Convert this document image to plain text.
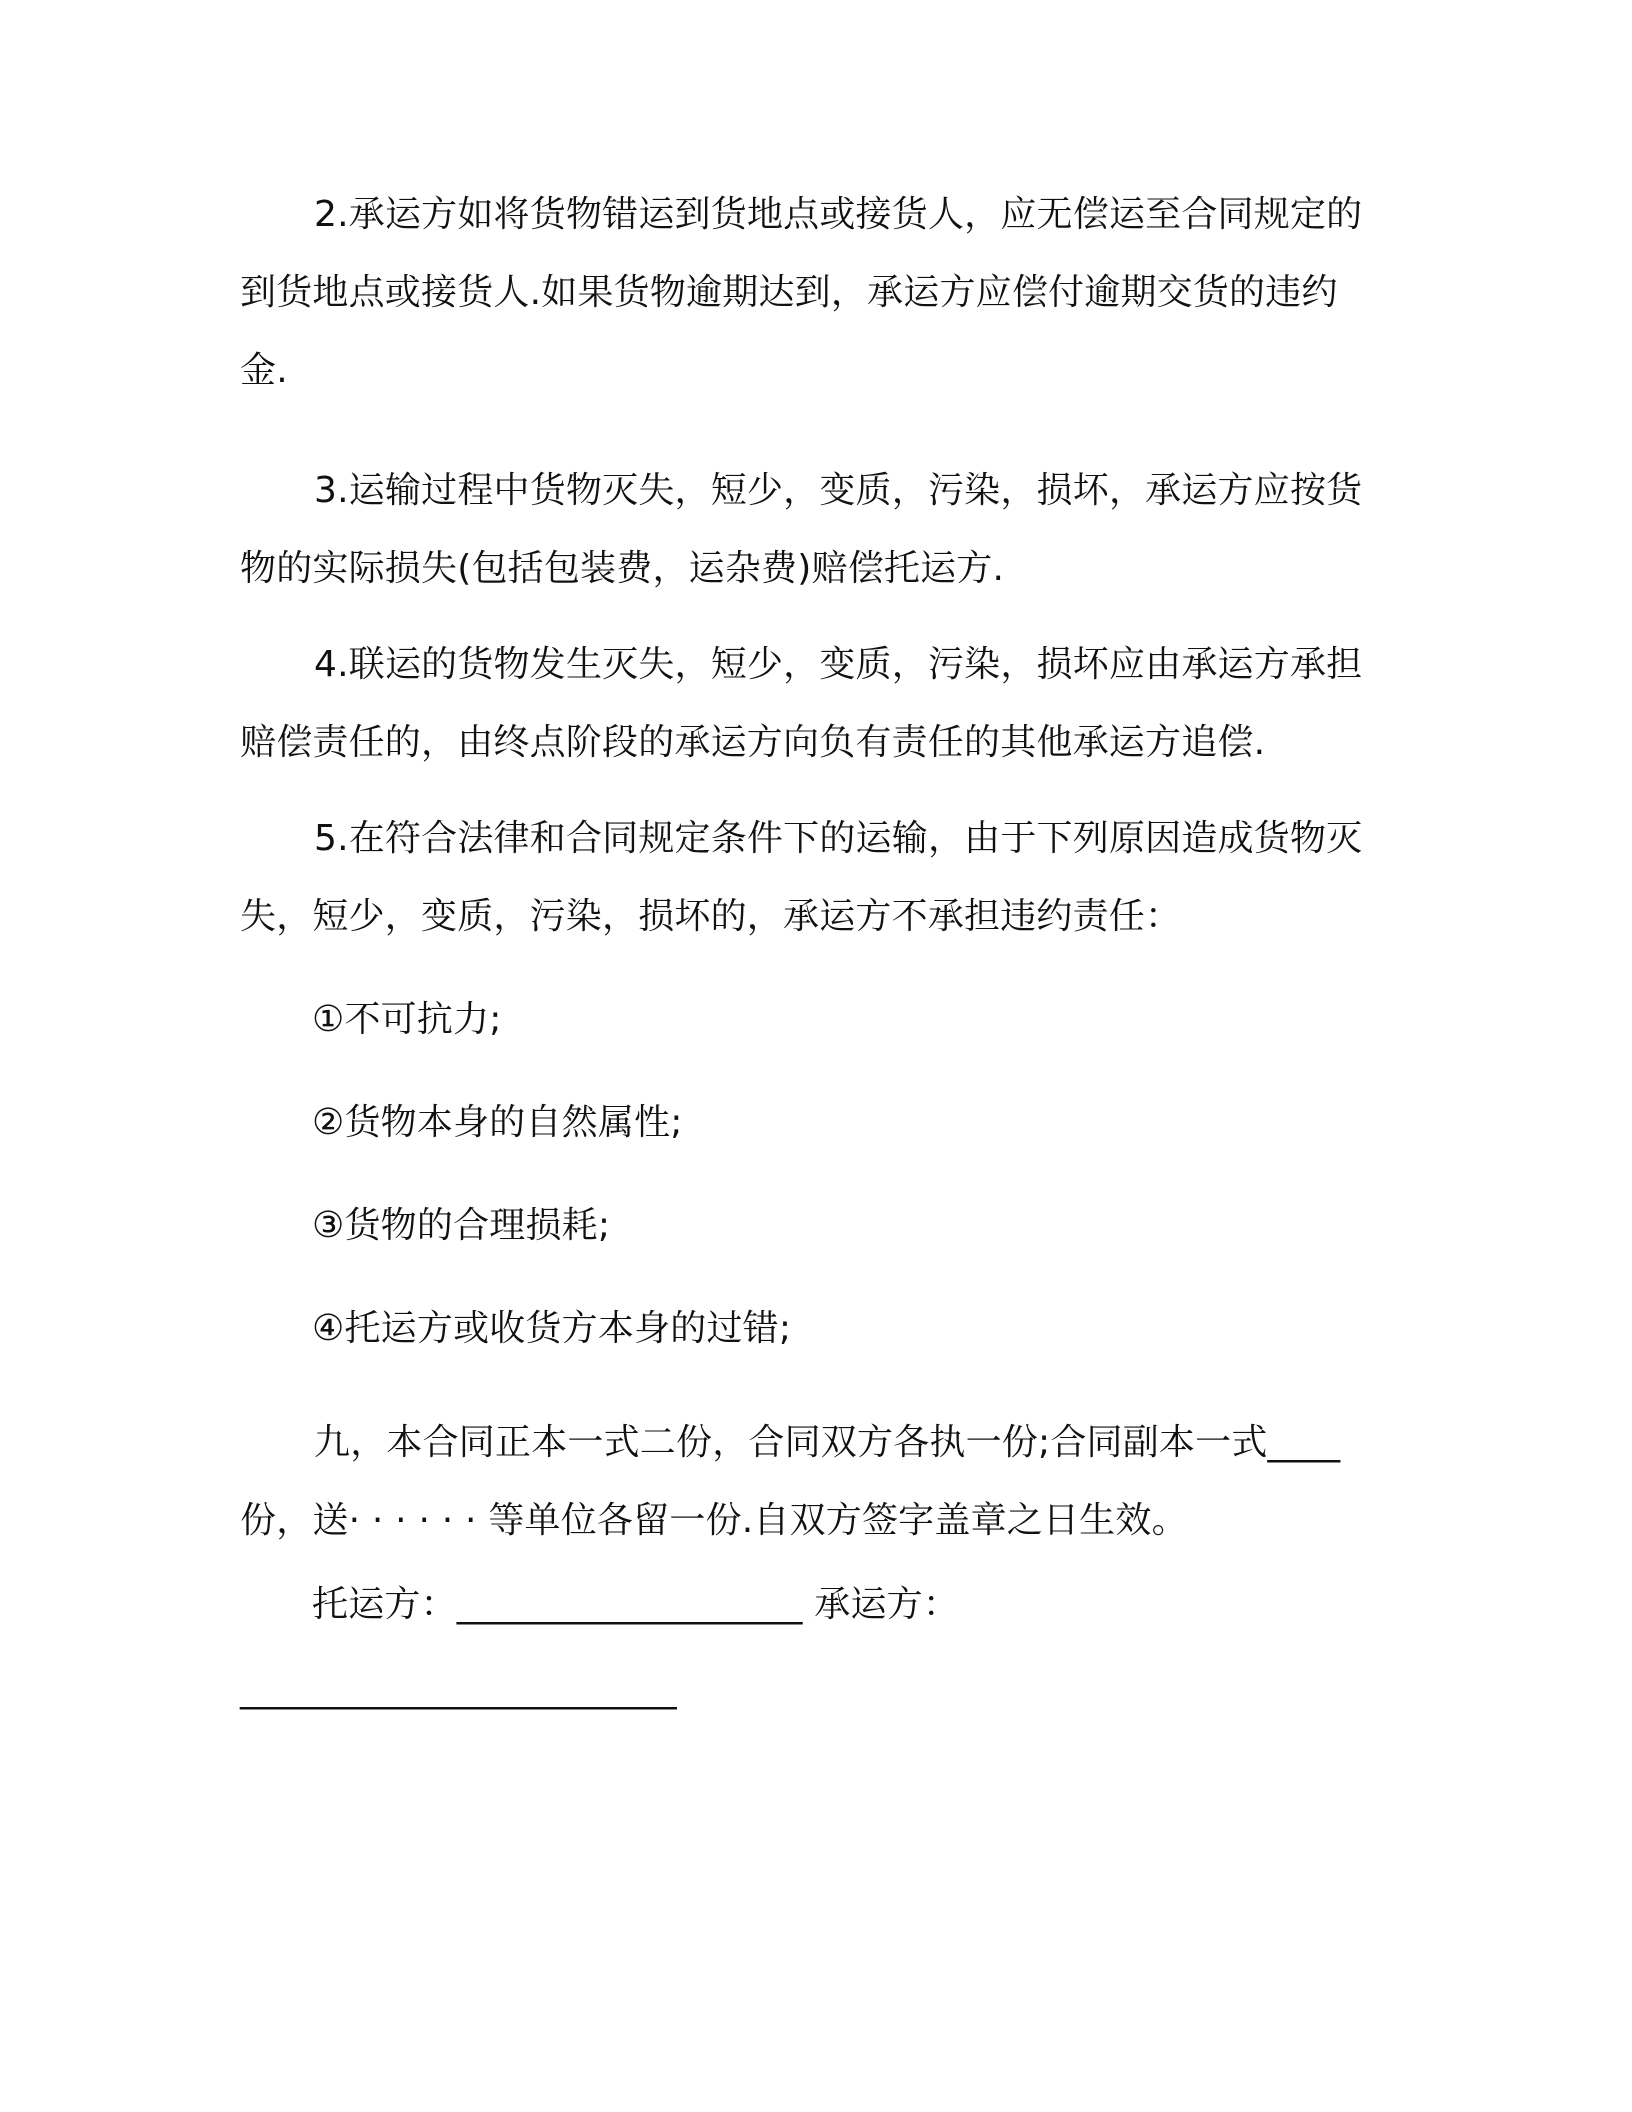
2.承运方如将货物错运到货地点或接货人，应无偿运至合同规定的到货地点或接货人.如果货物逾期达到，承运方应偿付逾期交货的违约金.

3.运输过程中货物灭失，短少，变质，污染，损坏，承运方应按货物的实际损失(包括包装费，运杂费)赔偿托运方.

4.联运的货物发生灭失，短少，变质，污染，损坏应由承运方承担赔偿责任的，由终点阶段的承运方向负有责任的其他承运方追偿.

5.在符合法律和合同规定条件下的运输，由于下列原因造成货物灭失，短少，变质，污染，损坏的，承运方不承担违约责任：

①不可抗力;

②货物本身的自然属性;

③货物的合理损耗;

④托运方或收货方本身的过错;

九，本合同正本一式二份，合同双方各执一份;合同副本一式____份，送· · · · · · 等单位各留一份.自双方签字盖章之日生效。

托运方：___________________ 承运方：

________________________
